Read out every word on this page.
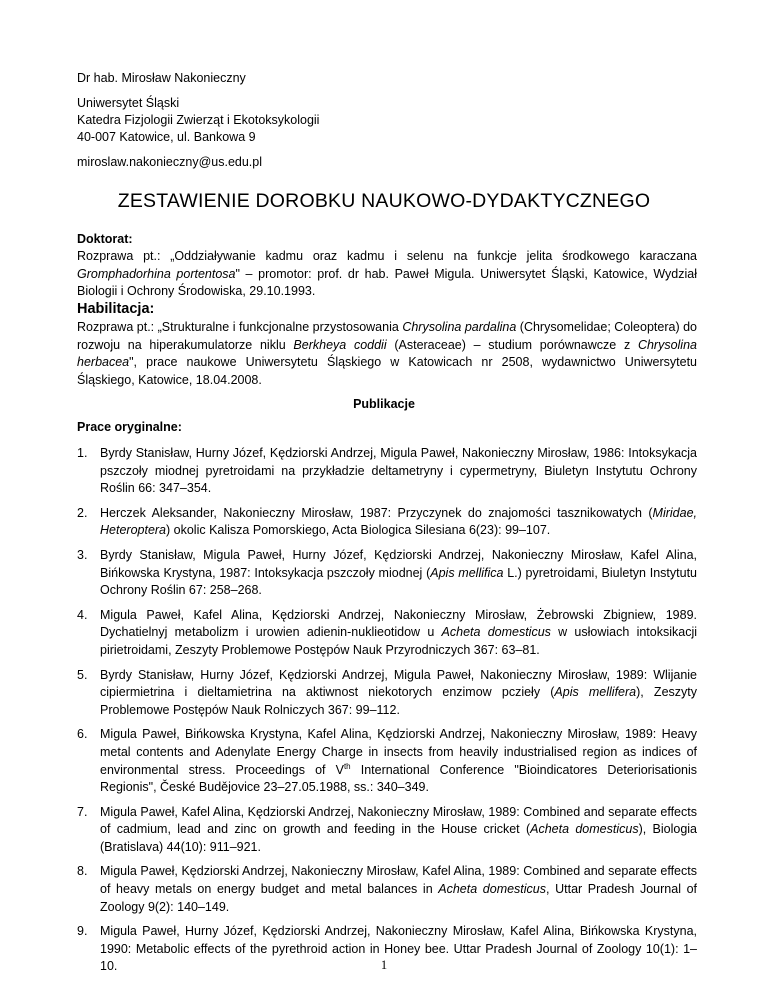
Dr hab. Mirosław Nakonieczny
Uniwersytet Śląski
Katedra Fizjologii Zwierząt i Ekotoksykologii
40-007 Katowice, ul. Bankowa 9
miroslaw.nakonieczny@us.edu.pl
ZESTAWIENIE DOROBKU NAUKOWO-DYDAKTYCZNEGO
Doktorat:
Rozprawa pt.: „Oddziaływanie kadmu oraz kadmu i selenu na funkcje jelita środkowego karaczana Gromphadorhina portentosa" – promotor: prof. dr hab. Paweł Migula. Uniwersytet Śląski, Katowice, Wydział Biologii i Ochrony Środowiska, 29.10.1993.
Habilitacja:
Rozprawa pt.: „Strukturalne i funkcjonalne przystosowania Chrysolina pardalina (Chrysomelidae; Coleoptera) do rozwoju na hiperakumulatorze niklu Berkheya coddii (Asteraceae) – studium porównawcze z Chrysolina herbacea", prace naukowe Uniwersytetu Śląskiego w Katowicach nr 2508, wydawnictwo Uniwersytetu Śląskiego, Katowice, 18.04.2008.
Publikacje
Prace oryginalne:
1.	Byrdy Stanisław, Hurny Józef, Kędziorski Andrzej, Migula Paweł, Nakonieczny Mirosław, 1986: Intoksykacja pszczoły miodnej pyretroidami na przykładzie deltametryny i cypermetryny, Biuletyn Instytutu Ochrony Roślin 66: 347–354.
2.	Herczek Aleksander, Nakonieczny Mirosław, 1987: Przyczynek do znajomości tasznikowatych (Miridae, Heteroptera) okolic Kalisza Pomorskiego, Acta Biologica Silesiana 6(23): 99–107.
3.	Byrdy Stanisław, Migula Paweł, Hurny Józef, Kędziorski Andrzej, Nakonieczny Mirosław, Kafel Alina, Bińkowska Krystyna, 1987: Intoksykacja pszczoły miodnej (Apis mellifica L.) pyretroidami, Biuletyn Instytutu Ochrony Roślin 67: 258–268.
4.	Migula Paweł, Kafel Alina, Kędziorski Andrzej, Nakonieczny Mirosław, Żebrowski Zbigniew, 1989. Dychatielnyj metabolizm i urowien adienin-nuklieotidow u Acheta domesticus w usłowiach intoksikacji pirietroidami, Zeszyty Problemowe Postępów Nauk Przyrodniczych 367: 63–81.
5.	Byrdy Stanisław, Hurny Józef, Kędziorski Andrzej, Migula Paweł, Nakonieczny Mirosław, 1989: Wlijanie cipiermietrina i dieltamietrina na aktiwnost niekotorych enzimow pczieły (Apis mellifera), Zeszyty Problemowe Postępów Nauk Rolniczych 367: 99–112.
6.	Migula Paweł, Bińkowska Krystyna, Kafel Alina, Kędziorski Andrzej, Nakonieczny Mirosław, 1989: Heavy metal contents and Adenylate Energy Charge in insects from heavily industrialised region as indices of environmental stress. Proceedings of Vth International Conference "Bioindicatores Deteriorisationis Regionis", České Budějovice 23–27.05.1988, ss.: 340–349.
7.	Migula Paweł, Kafel Alina, Kędziorski Andrzej, Nakonieczny Mirosław, 1989: Combined and separate effects of cadmium, lead and zinc on growth and feeding in the House cricket (Acheta domesticus), Biologia (Bratislava) 44(10): 911–921.
8.	Migula Paweł, Kędziorski Andrzej, Nakonieczny Mirosław, Kafel Alina, 1989: Combined and separate effects of heavy metals on energy budget and metal balances in Acheta domesticus, Uttar Pradesh Journal of Zoology 9(2): 140–149.
9.	Migula Paweł, Hurny Józef, Kędziorski Andrzej, Nakonieczny Mirosław, Kafel Alina, Bińkowska Krystyna, 1990: Metabolic effects of the pyrethroid action in Honey bee. Uttar Pradesh Journal of Zoology 10(1): 1–10.	1
